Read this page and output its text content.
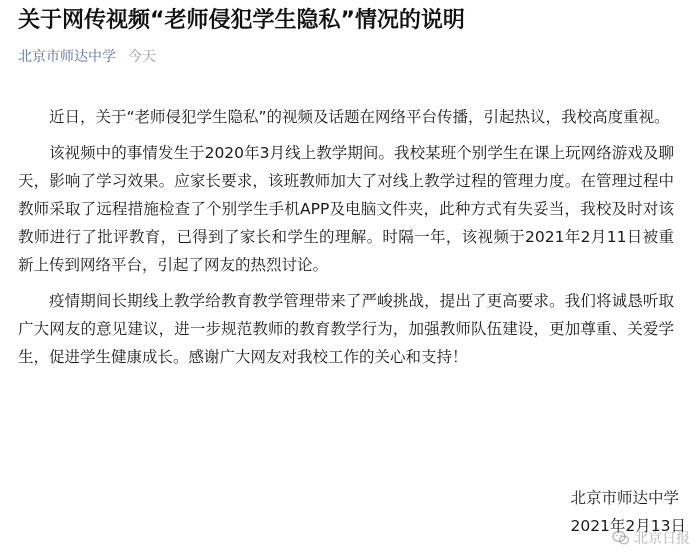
关于网传视频“老师侵犯学生隐私”情况的说明
北京市师达中学 今天

近日，关于“老师侵犯学生隐私”的视频及话题在网络平台传播，引起热议，我校高度重视。

该视频中的事情发生于2020年3月线上教学期间。我校某班个别学生在课上玩网络游戏及聊天，影响了学习效果。应家长要求，该班教师加大了对线上教学过程的管理力度。在管理过程中教师采取了远程措施检查了个别学生手机APP及电脑文件夹，此种方式有失妥当，我校及时对该教师进行了批评教育，已得到了家长和学生的理解。时隔一年，该视频于2021年2月11日被重新上传到网络平台，引起了网友的热烈讨论。

疫情期间长期线上教学给教育教学管理带来了严峻挑战，提出了更高要求。我们将诚恳听取广大网友的意见建议，进一步规范教师的教育教学行为，加强教师队伍建设，更加尊重、关爱学生，促进学生健康成长。感谢广大网友对我校工作的关心和支持！

北京市师达中学
2021年2月13日
北京日报
